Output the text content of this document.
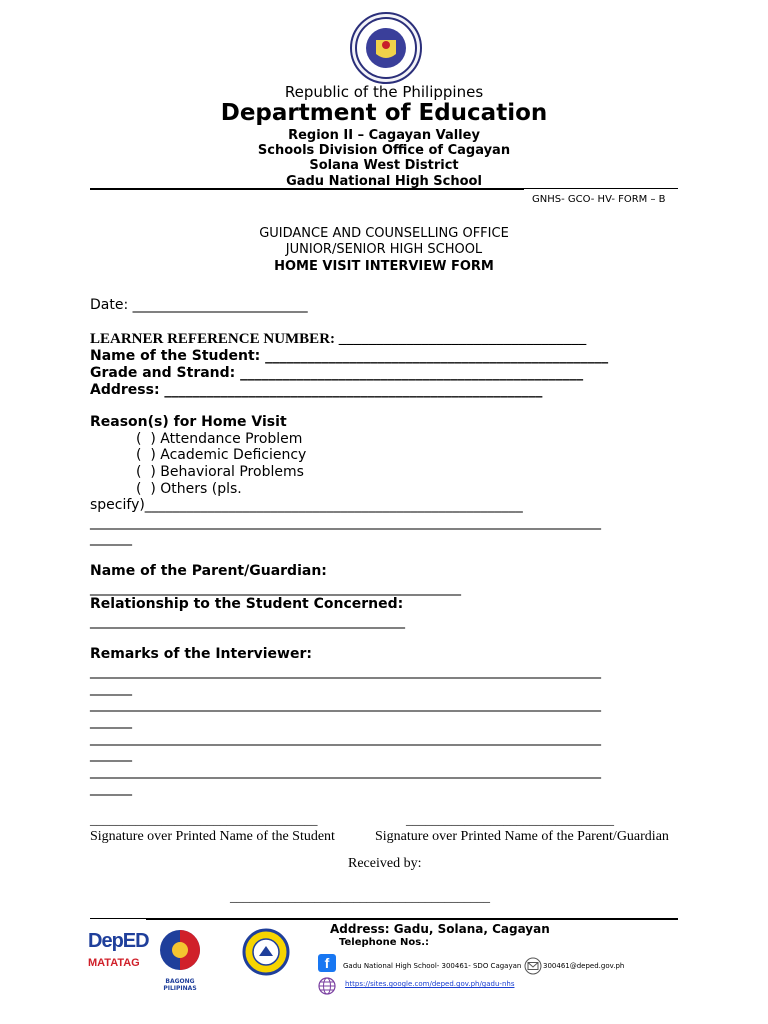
Republic of the Philippines
Department of Education
Region II – Cagayan Valley
Schools Division Office of Cagayan
Solana West District
Gadu National High School
GNHS- GCO- HV- FORM – B
GUIDANCE AND COUNSELLING OFFICE
JUNIOR/SENIOR HIGH SCHOOL
HOME VISIT INTERVIEW FORM
Date: _________________________
LEARNER REFERENCE NUMBER: _________________________________
Name of the Student: _________________________________________________
Grade and Strand: _________________________________________________
Address: ______________________________________________________
Reason(s) for Home Visit
(  ) Attendance Problem
(  ) Academic Deficiency
(  ) Behavioral Problems
(  ) Others (pls.
specify)______________________________________________________
_________________________________________________________________________
______
Name of the Parent/Guardian:
_____________________________________________________
Relationship to the Student Concerned:
_____________________________________________
Remarks of the Interviewer:
_________________________________________________________________________
______
_________________________________________________________________________
______
_________________________________________________________________________
______
_________________________________________________________________________
______
___________________________________	________________________________
Signature over Printed Name of the Student	Signature over Printed Name of the Parent/Guardian
Received by:
________________________________________
DepED
MATATAG
BAGONG PILIPINAS
Address: Gadu, Solana, Cagayan
Telephone Nos.:
f	Gadu National High School- 300461- SDO Cagayan	300461@deped.gov.ph
https://sites.google.com/deped.gov.ph/gadu-nhs
